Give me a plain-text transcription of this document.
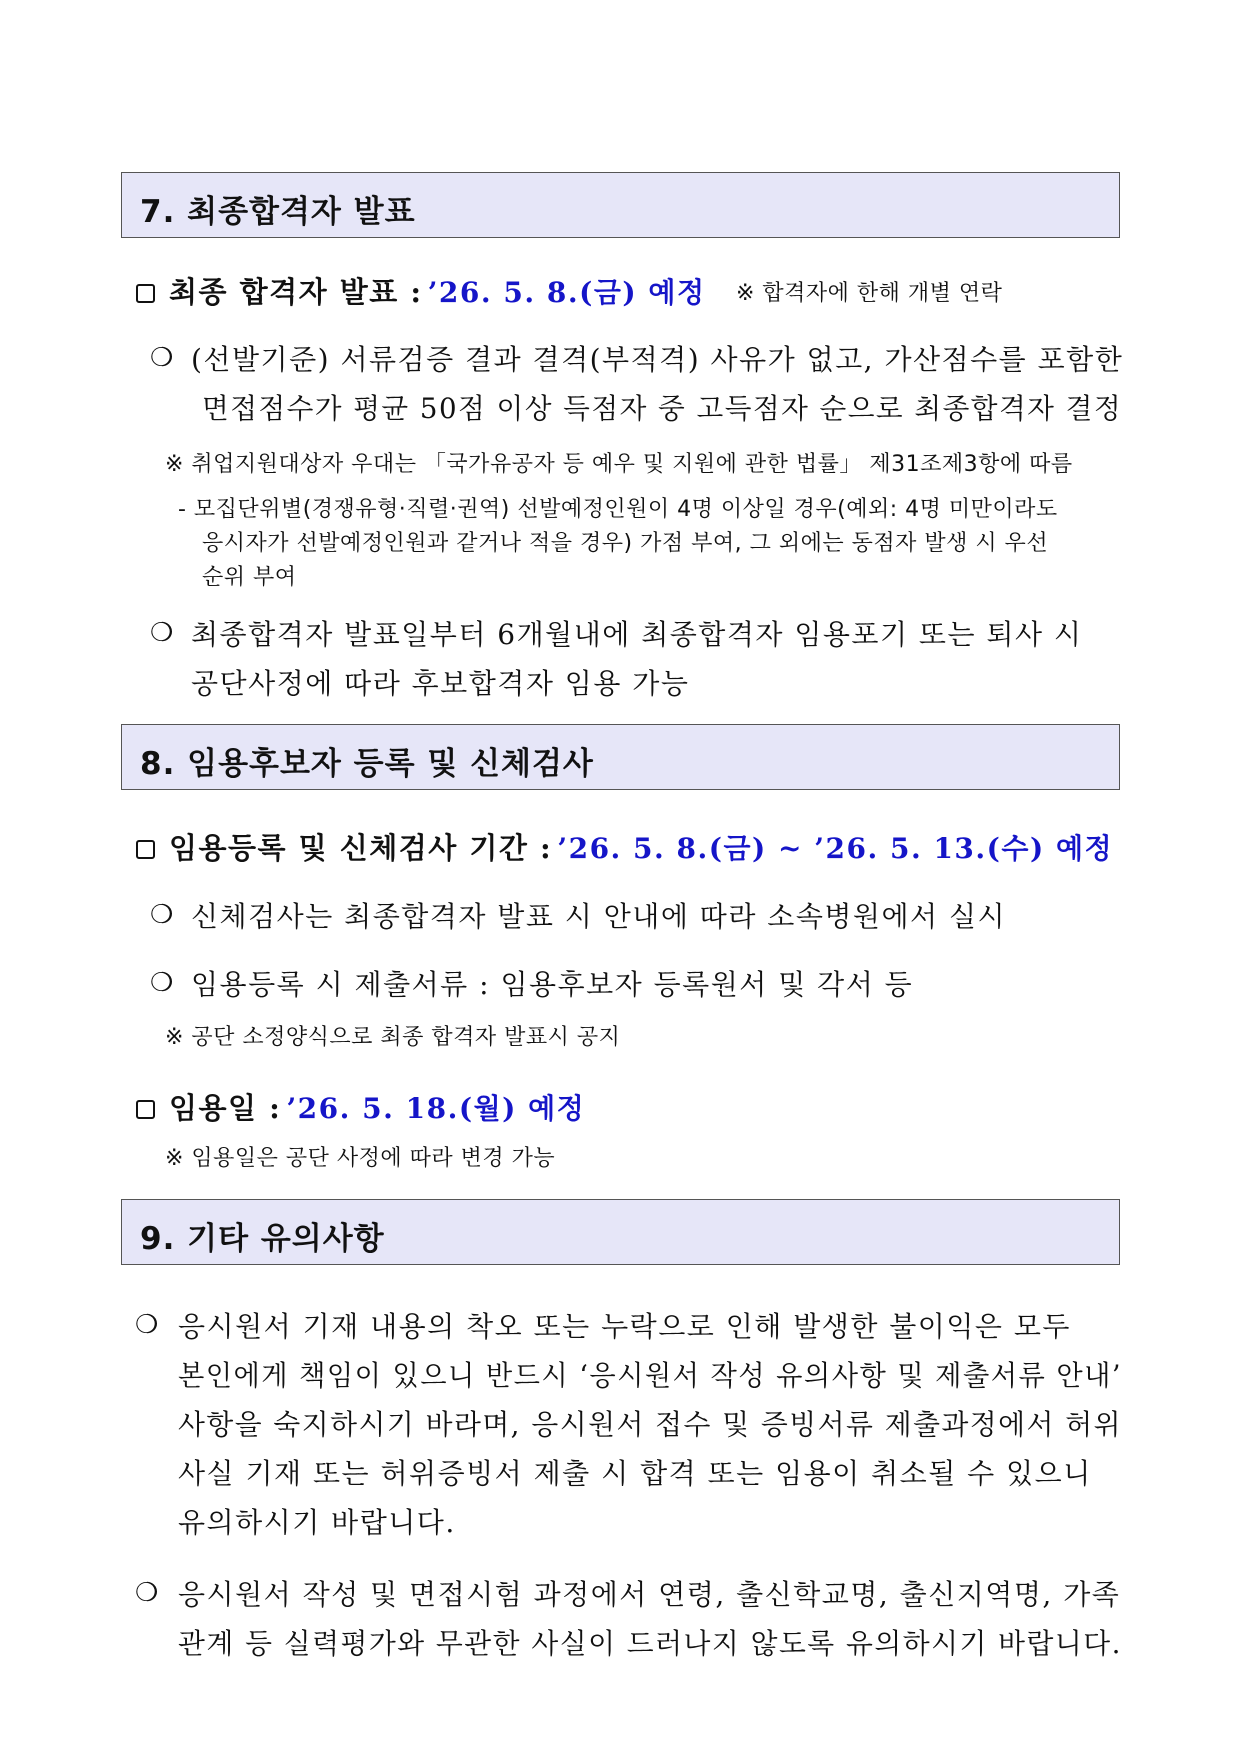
7. 최종합격자 발표
최종 합격자 발표 : ’26. 5. 8.(금) 예정 ※ 합격자에 한해 개별 연락
❍ (선발기준) 서류검증 결과 결격(부적격) 사유가 없고, 가산점수를 포함한
면접점수가 평균 50점 이상 득점자 중 고득점자 순으로 최종합격자 결정
※ 취업지원대상자 우대는 「국가유공자 등 예우 및 지원에 관한 법률」 제31조제3항에 따름
- 모집단위별(경쟁유형·직렬·권역) 선발예정인원이 4명 이상일 경우(예외: 4명 미만이라도
응시자가 선발예정인원과 같거나 적을 경우) 가점 부여, 그 외에는 동점자 발생 시 우선
순위 부여
❍ 최종합격자 발표일부터 6개월내에 최종합격자 임용포기 또는 퇴사 시
공단사정에 따라 후보합격자 임용 가능
8. 임용후보자 등록 및 신체검사
임용등록 및 신체검사 기간 : ’26. 5. 8.(금) ~ ’26. 5. 13.(수) 예정
❍ 신체검사는 최종합격자 발표 시 안내에 따라 소속병원에서 실시
❍ 임용등록 시 제출서류 : 임용후보자 등록원서 및 각서 등
※ 공단 소정양식으로 최종 합격자 발표시 공지
임용일 : ’26. 5. 18.(월) 예정
※ 임용일은 공단 사정에 따라 변경 가능
9. 기타 유의사항
❍ 응시원서 기재 내용의 착오 또는 누락으로 인해 발생한 불이익은 모두
본인에게 책임이 있으니 반드시 ‘응시원서 작성 유의사항 및 제출서류 안내’
사항을 숙지하시기 바라며, 응시원서 접수 및 증빙서류 제출과정에서 허위
사실 기재 또는 허위증빙서 제출 시 합격 또는 임용이 취소될 수 있으니
유의하시기 바랍니다.
❍ 응시원서 작성 및 면접시험 과정에서 연령, 출신학교명, 출신지역명, 가족
관계 등 실력평가와 무관한 사실이 드러나지 않도록 유의하시기 바랍니다.
